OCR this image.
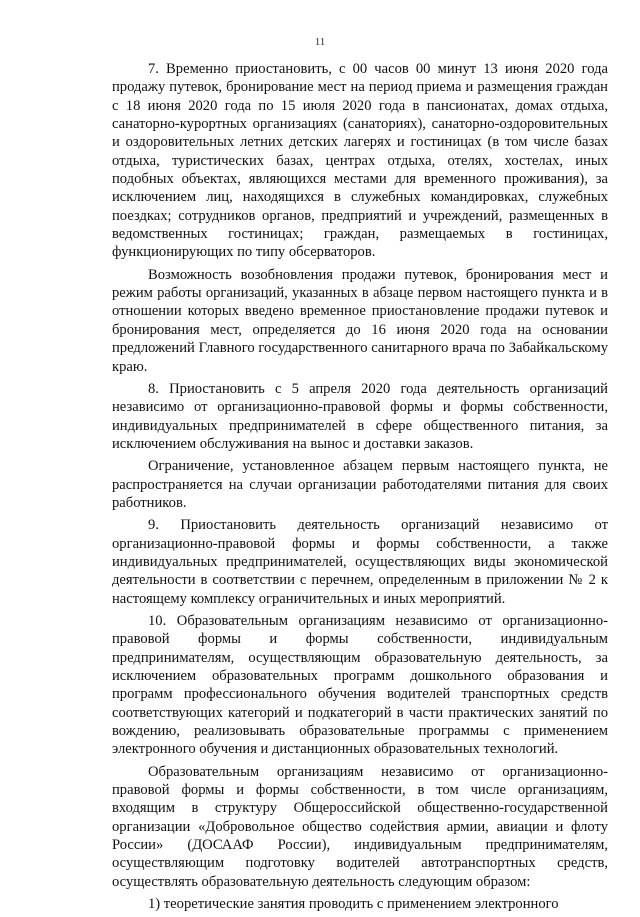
11

7. Временно приостановить, с 00 часов 00 минут 13 июня 2020 года продажу путевок, бронирование мест на период приема и размещения граждан с 18 июня 2020 года по 15 июля 2020 года в пансионатах, домах отдыха, санаторно-курортных организациях (санаториях), санаторно-оздоровительных и оздоровительных летних детских лагерях и гостиницах (в том числе базах отдыха, туристических базах, центрах отдыха, отелях, хостелах, иных подобных объектах, являющихся местами для временного проживания), за исключением лиц, находящихся в служебных командировках, служебных поездках; сотрудников органов, предприятий и учреждений, размещенных в ведомственных гостиницах; граждан, размещаемых в гостиницах, функционирующих по типу обсерваторов.

Возможность возобновления продажи путевок, бронирования мест и режим работы организаций, указанных в абзаце первом настоящего пункта и в отношении которых введено временное приостановление продажи путевок и бронирования мест, определяется до 16 июня 2020 года на основании предложений Главного государственного санитарного врача по Забайкальскому краю.

8. Приостановить с 5 апреля 2020 года деятельность организаций независимо от организационно-правовой формы и формы собственности, индивидуальных предпринимателей в сфере общественного питания, за исключением обслуживания на вынос и доставки заказов.

Ограничение, установленное абзацем первым настоящего пункта, не распространяется на случаи организации работодателями питания для своих работников.

9. Приостановить деятельность организаций независимо от организационно-правовой формы и формы собственности, а также индивидуальных предпринимателей, осуществляющих виды экономической деятельности в соответствии с перечнем, определенным в приложении № 2 к настоящему комплексу ограничительных и иных мероприятий.

10. Образовательным организациям независимо от организационно-правовой формы и формы собственности, индивидуальным предпринимателям, осуществляющим образовательную деятельность, за исключением образовательных программ дошкольного образования и программ профессионального обучения водителей транспортных средств соответствующих категорий и подкатегорий в части практических занятий по вождению, реализовывать образовательные программы с применением электронного обучения и дистанционных образовательных технологий.

Образовательным организациям независимо от организационно-правовой формы и формы собственности, в том числе организациям, входящим в структуру Общероссийской общественно-государственной организации «Добровольное общество содействия армии, авиации и флоту России» (ДОСААФ России), индивидуальным предпринимателям, осуществляющим подготовку водителей автотранспортных средств, осуществлять образовательную деятельность следующим образом:

1) теоретические занятия проводить с применением электронного
